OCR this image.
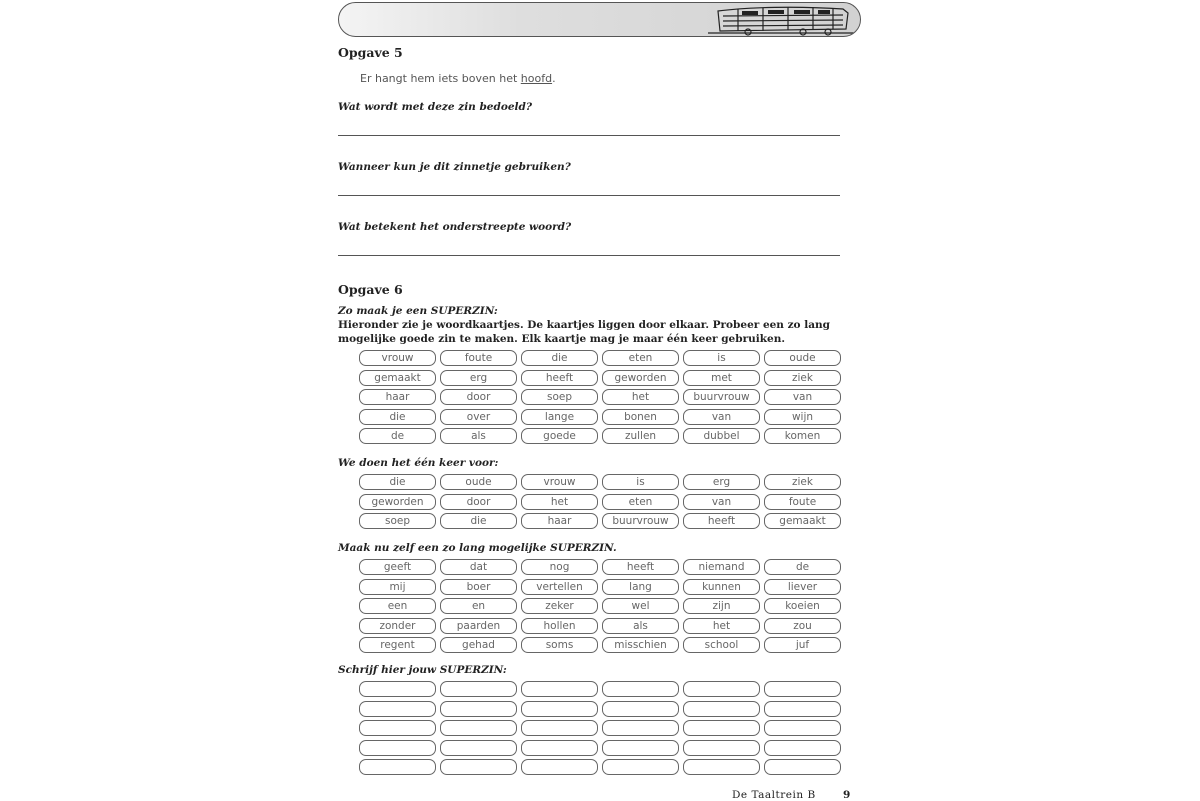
Opgave 5
Er hangt hem iets boven het hoofd.
Wat wordt met deze zin bedoeld?
Wanneer kun je dit zinnetje gebruiken?
Wat betekent het onderstreepte woord?
Opgave 6
Zo maak je een SUPERZIN:
Hieronder zie je woordkaartjes. De kaartjes liggen door elkaar. Probeer een zo lang mogelijke goede zin te maken. Elk kaartje mag je maar één keer gebruiken.
vrouw	foute	die	eten	is	oude
gemaakt	erg	heeft	geworden	met	ziek
haar	door	soep	het	buurvrouw	van
die	over	lange	bonen	van	wijn
de	als	goede	zullen	dubbel	komen
We doen het één keer voor:
die	oude	vrouw	is	erg	ziek
geworden	door	het	eten	van	foute
soep	die	haar	buurvrouw	heeft	gemaakt
Maak nu zelf een zo lang mogelijke SUPERZIN.
geeft	dat	nog	heeft	niemand	de
mij	boer	vertellen	lang	kunnen	liever
een	en	zeker	wel	zijn	koeien
zonder	paarden	hollen	als	het	zou
regent	gehad	soms	misschien	school	juf
Schrijf hier jouw SUPERZIN:
De Taaltrein B	9
